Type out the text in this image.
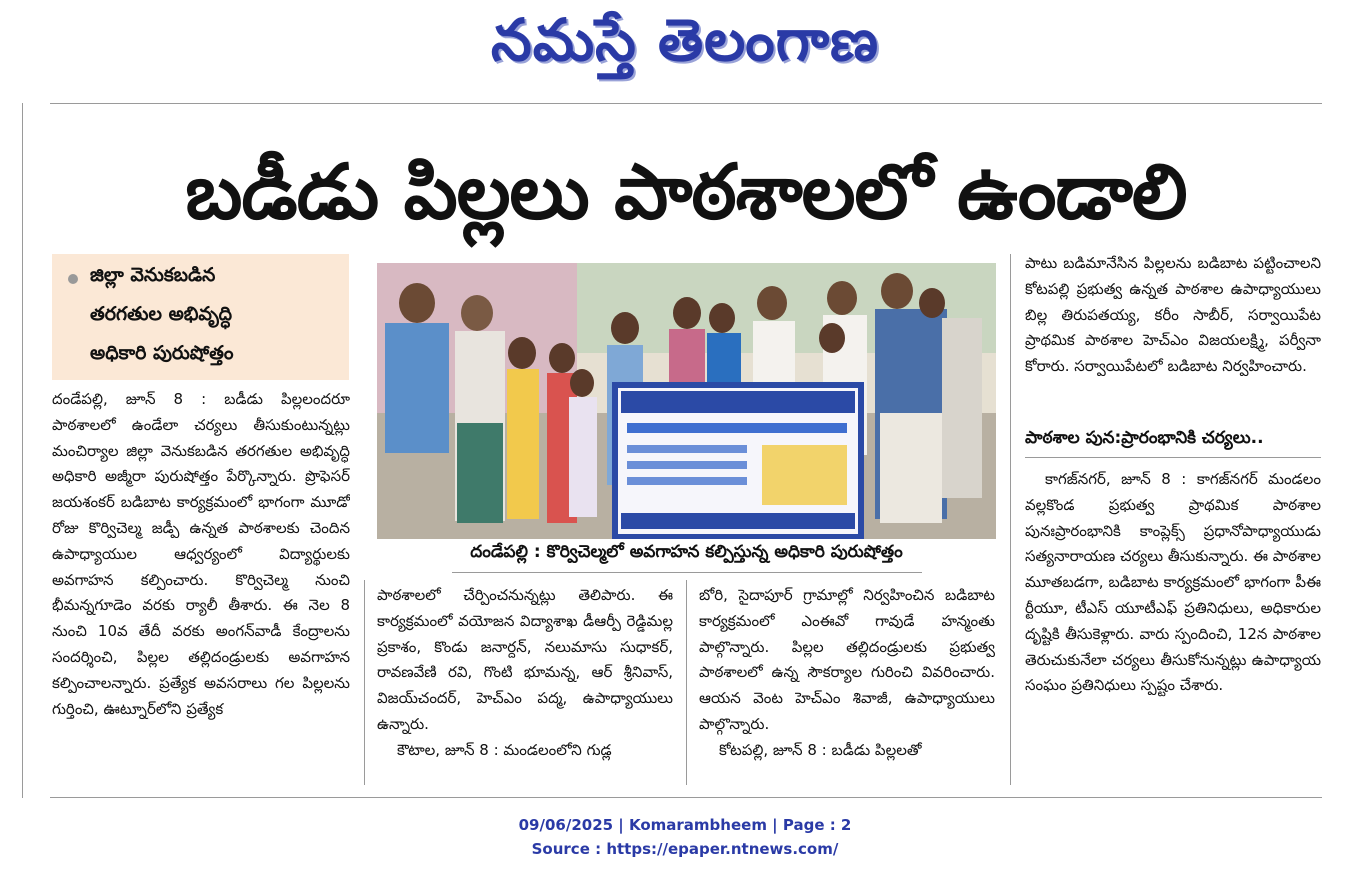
నమస్తే తెలంగాణ
బడీడు పిల్లలు పాఠశాలలో ఉండాలి
జిల్లా వెనుకబడిన
తరగతుల అభివృద్ధి
అధికారి పురుషోత్తం

దండేపల్లి, జూన్ 8 : బడీడు పిల్లలందరూ పాఠశాలలో ఉండేలా చర్యలు తీసుకుంటున్నట్లు మంచిర్యాల జిల్లా వెనుకబడిన తరగతుల అభివృద్ధి అధికారి అజ్మీరా పురుషోత్తం పేర్కొన్నారు. ప్రొఫెసర్ జయశంకర్ బడిబాట కార్యక్రమంలో భాగంగా మూడో రోజు కొర్విచెల్మ జడ్పీ ఉన్నత పాఠశాలకు చెందిన ఉపాధ్యాయుల ఆధ్వర్యంలో విద్యార్థులకు అవగాహన కల్పించారు. కొర్విచెల్మ నుంచి భీమన్నగూడెం వరకు ర్యాలీ తీశారు. ఈ నెల 8 నుంచి 10వ తేదీ వరకు అంగన్‌వాడీ కేంద్రాలను సందర్శించి, పిల్లల తల్లిదండ్రులకు అవగాహన కల్పించాలన్నారు. ప్రత్యేక అవసరాలు గల పిల్లలను గుర్తించి, ఊట్నూర్‌లోని ప్రత్యేక

దండేపల్లి : కొర్విచెల్మలో అవగాహన కల్పిస్తున్న అధికారి పురుషోత్తం

పాఠశాలలో చేర్పించనున్నట్లు తెలిపారు. ఈ కార్యక్రమంలో వయోజన విద్యాశాఖ డీఆర్పీ రెడ్డిమల్ల ప్రకాశం, కొండు జనార్దన్, నలుమాసు సుధాకర్, రావణవేణి రవి, గొంటి భూమన్న, ఆర్ శ్రీనివాస్, విజయ్‌చందర్, హెచ్ఎం పద్మ, ఉపాధ్యాయులు ఉన్నారు.

కౌటాల, జూన్ 8 : మండలంలోని గుడ్ల

బోరి, సైదాపూర్ గ్రామాల్లో నిర్వహించిన బడిబాట కార్యక్రమంలో ఎంఈవో గావుడే హన్మంతు పాల్గొన్నారు. పిల్లల తల్లిదండ్రులకు ప్రభుత్వ పాఠశాలలో ఉన్న సౌకర్యాల గురించి వివరించారు. ఆయన వెంట హెచ్ఎం శివాజీ, ఉపాధ్యాయులు పాల్గొన్నారు.

కోటపల్లి, జూన్ 8 : బడీడు పిల్లలతో

పాటు బడిమానేసిన పిల్లలను బడిబాట పట్టించాలని కోటపల్లి ప్రభుత్వ ఉన్నత పాఠశాల ఉపాధ్యాయులు బిల్ల తిరుపతయ్య, కరీం సాబీర్, సర్వాయిపేట ప్రాథమిక పాఠశాల హెచ్ఎం విజయలక్ష్మి, పర్వీనా కోరారు. సర్వాయిపేటలో బడిబాట నిర్వహించారు.

పాఠశాల పున:ప్రారంభానికి చర్యలు..

కాగజ్‌నగర్, జూన్ 8 : కాగజ్‌నగర్ మండలం వల్లకొండ ప్రభుత్వ ప్రాథమిక పాఠశాల పునఃప్రారంభానికి కాంప్లెక్స్ ప్రధానోపాధ్యాయుడు సత్యనారాయణ చర్యలు తీసుకున్నారు. ఈ పాఠశాల మూతబడగా, బడిబాట కార్యక్రమంలో భాగంగా పీఈ ర్టీయూ, టీఎస్ యూటీఎఫ్ ప్రతినిధులు, అధికారుల దృష్టికి తీసుకెళ్లారు. వారు స్పందించి, 12న పాఠశాల తెరుచుకునేలా చర్యలు తీసుకోనున్నట్లు ఉపాధ్యాయ సంఘం ప్రతినిధులు స్పష్టం చేశారు.

09/06/2025 | Komarambheem | Page : 2
Source : https://epaper.ntnews.com/
